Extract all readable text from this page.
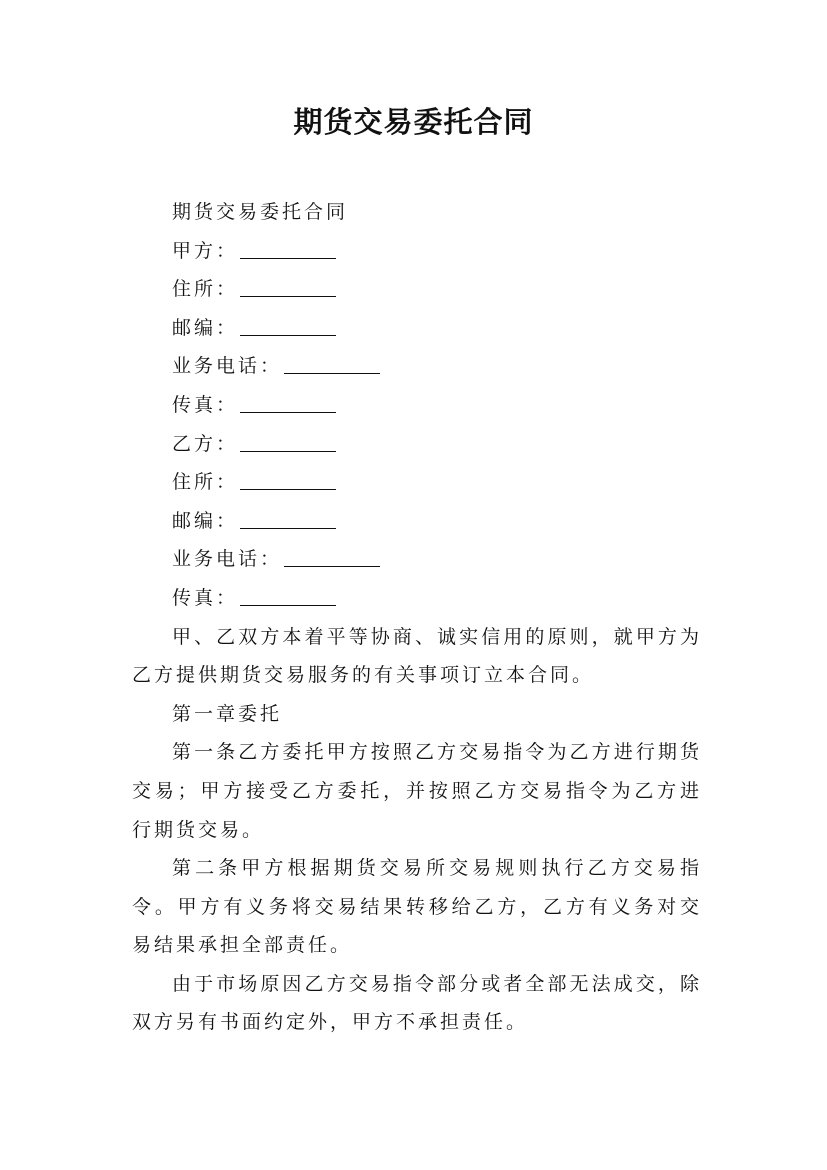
期货交易委托合同
期货交易委托合同
甲方：
住所：
邮编：
业务电话：
传真：
乙方：
住所：
邮编：
业务电话：
传真：

甲、乙双方本着平等协商、诚实信用的原则，就甲方为乙方提供期货交易服务的有关事项订立本合同。

第一章委托

第一条乙方委托甲方按照乙方交易指令为乙方进行期货交易；甲方接受乙方委托，并按照乙方交易指令为乙方进行期货交易。

第二条甲方根据期货交易所交易规则执行乙方交易指令。甲方有义务将交易结果转移给乙方，乙方有义务对交易结果承担全部责任。

由于市场原因乙方交易指令部分或者全部无法成交，除双方另有书面约定外，甲方不承担责任。
